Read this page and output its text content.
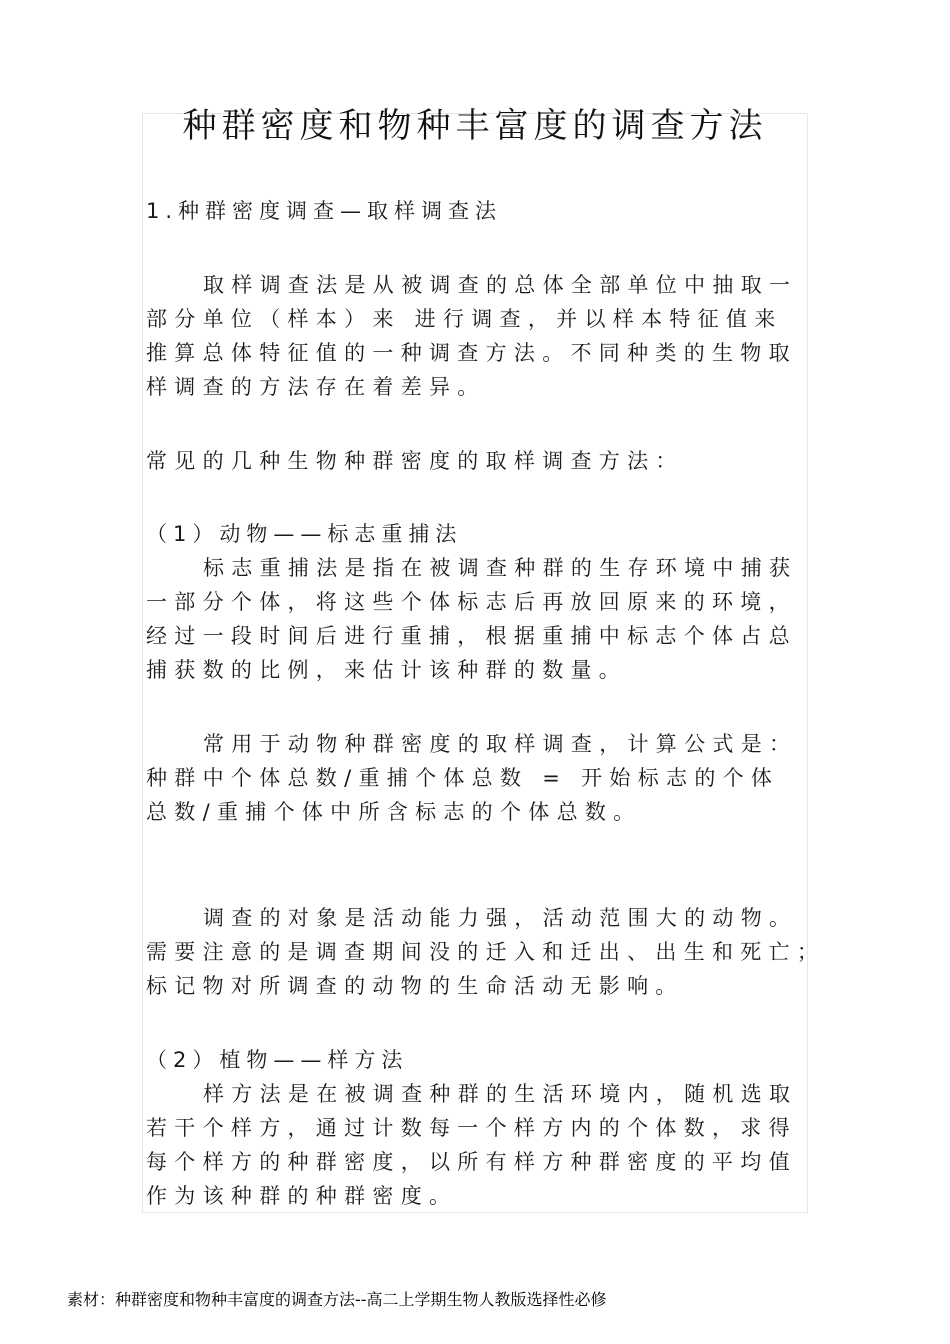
种群密度和物种丰富度的调查方法
1.种群密度调查—取样调查法
取样调查法是从被调查的总体全部单位中抽取一
部分单位（样本）来 进行调查，并以样本特征值来
推算总体特征值的一种调查方法。不同种类的生物取
样调查的方法存在着差异。
常见的几种生物种群密度的取样调查方法：
（1）动物——标志重捕法
标志重捕法是指在被调查种群的生存环境中捕获
一部分个体，将这些个体标志后再放回原来的环境，
经过一段时间后进行重捕，根据重捕中标志个体占总
捕获数的比例，来估计该种群的数量。
常用于动物种群密度的取样调查，计算公式是：
种群中个体总数/重捕个体总数 = 开始标志的个体
总数/重捕个体中所含标志的个体总数。
调查的对象是活动能力强，活动范围大的动物。
需要注意的是调查期间没的迁入和迁出、出生和死亡；
标记物对所调查的动物的生命活动无影响。
（2）植物——样方法
样方法是在被调查种群的生活环境内，随机选取
若干个样方，通过计数每一个样方内的个体数，求得
每个样方的种群密度，以所有样方种群密度的平均值
作为该种群的种群密度。
素材：种群密度和物种丰富度的调查方法--高二上学期生物人教版选择性必修
